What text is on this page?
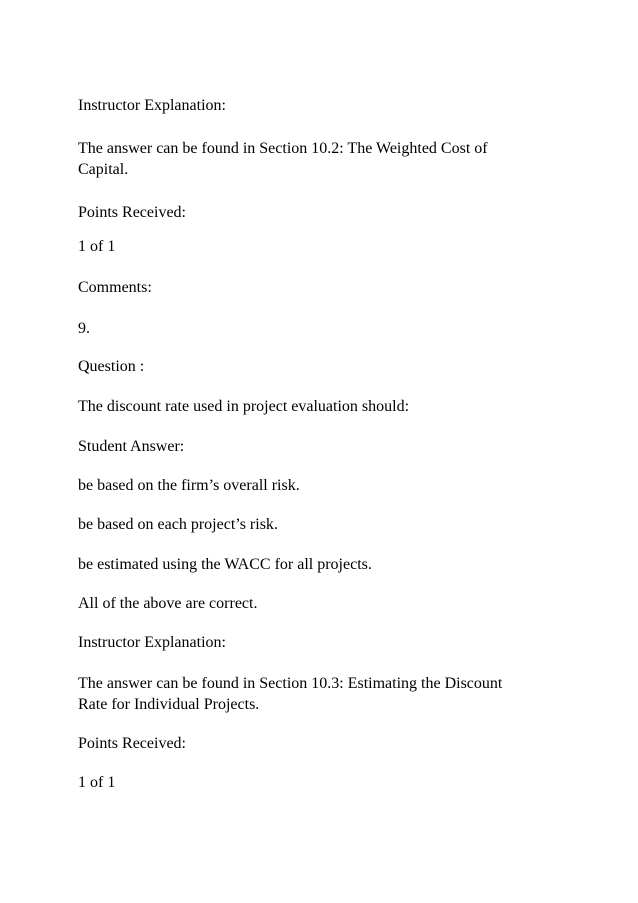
Instructor Explanation:

The answer can be found in Section 10.2: The Weighted Cost of

Capital.

Points Received:

1 of 1

Comments:

9.

Question :

The discount rate used in project evaluation should:

Student Answer:

be based on the firm’s overall risk.

be based on each project’s risk.

be estimated using the WACC for all projects.

All of the above are correct.

Instructor Explanation:

The answer can be found in Section 10.3: Estimating the Discount

Rate for Individual Projects.

Points Received:

1 of 1
